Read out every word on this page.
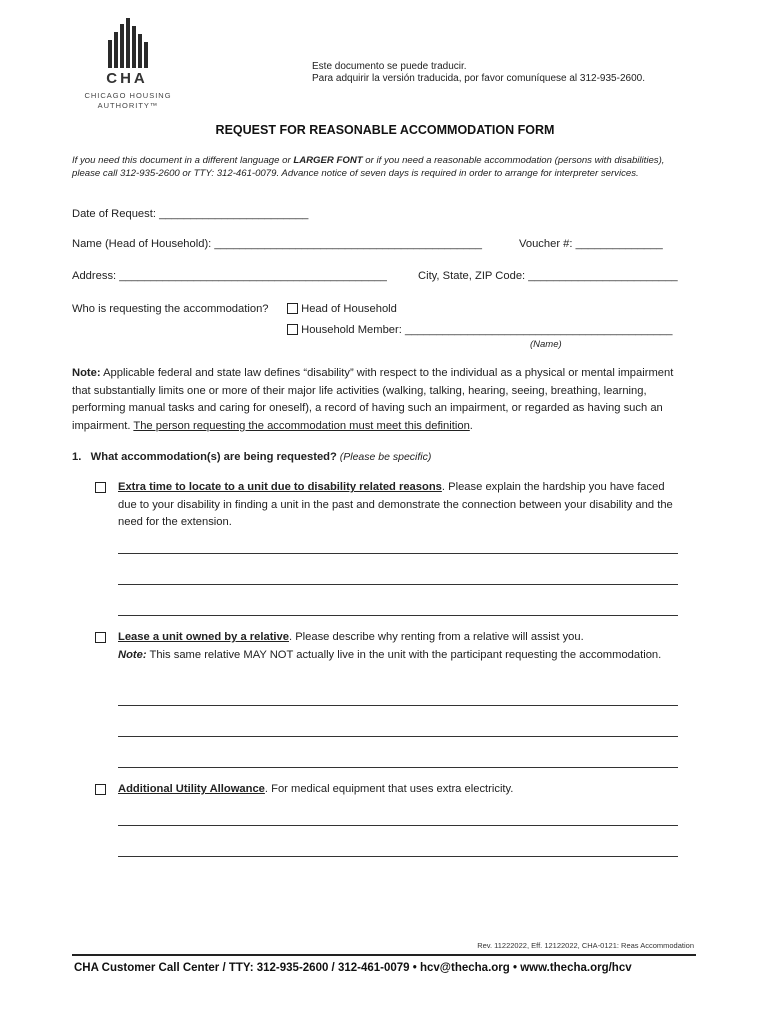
CHA
CHICAGO HOUSING
AUTHORITY™
Este documento se puede traducir.
Para adquirir la versión traducida, por favor comuníquese al 312-935-2600.
REQUEST FOR REASONABLE ACCOMMODATION FORM
If you need this document in a different language or LARGER FONT or if you need a reasonable accommodation (persons with disabilities), please call 312-935-2600 or TTY: 312-461-0079. Advance notice of seven days is required in order to arrange for interpreter services.
Date of Request: ________________________
Name (Head of Household): ___________________________________________	Voucher #: ______________
Address: ___________________________________________	City, State, ZIP Code: ________________________
Who is requesting the accommodation?	Head of Household
Household Member: ___________________________________________
(Name)
Note: Applicable federal and state law defines “disability” with respect to the individual as a physical or mental impairment that substantially limits one or more of their major life activities (walking, talking, hearing, seeing, breathing, learning, performing manual tasks and caring for oneself), a record of having such an impairment, or regarded as having such an impairment. The person requesting the accommodation must meet this definition.
1. What accommodation(s) are being requested? (Please be specific)
Extra time to locate to a unit due to disability related reasons. Please explain the hardship you have faced due to your disability in finding a unit in the past and demonstrate the connection between your disability and the need for the extension.
Lease a unit owned by a relative. Please describe why renting from a relative will assist you.
Note: This same relative MAY NOT actually live in the unit with the participant requesting the accommodation.
Additional Utility Allowance. For medical equipment that uses extra electricity.
Rev. 11222022, Eff. 12122022, CHA-0121: Reas Accommodation
CHA Customer Call Center / TTY: 312-935-2600 / 312-461-0079 • hcv@thecha.org • www.thecha.org/hcv
